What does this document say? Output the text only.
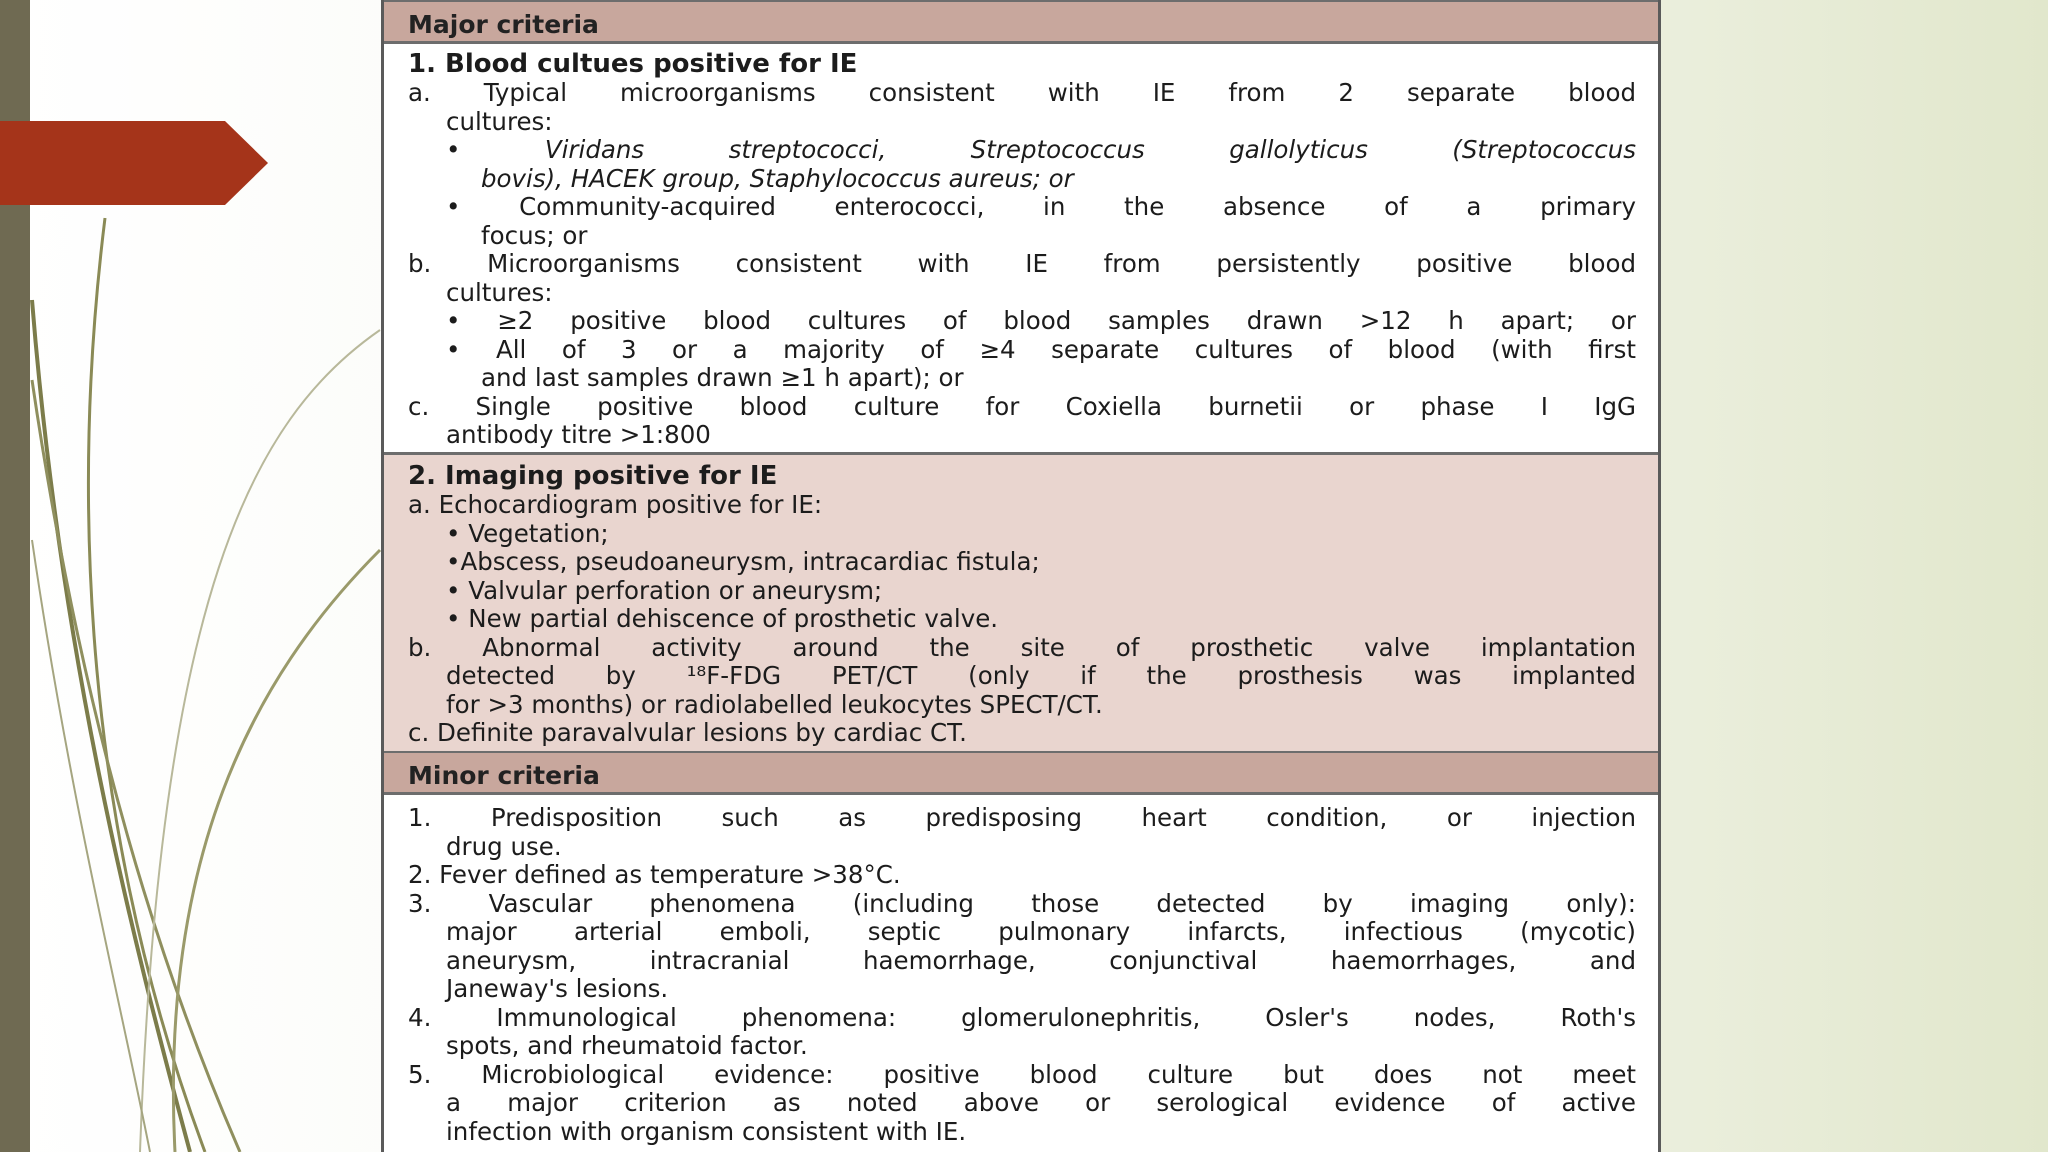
Major criteria
1. Blood cultues positive for IE
a. Typical microorganisms consistent with IE from 2 separate blood
cultures:
• Viridans streptococci, Streptococcus gallolyticus (Streptococcus
bovis), HACEK group, Staphylococcus aureus; or
• Community-acquired enterococci, in the absence of a primary
focus; or
b. Microorganisms consistent with IE from persistently positive blood
cultures:
• ≥2 positive blood cultures of blood samples drawn >12 h apart; or
• All of 3 or a majority of ≥4 separate cultures of blood (with first
and last samples drawn ≥1 h apart); or
c. Single positive blood culture for Coxiella burnetii or phase I IgG
antibody titre >1:800
2. Imaging positive for IE
a. Echocardiogram positive for IE:
• Vegetation;
•Abscess, pseudoaneurysm, intracardiac fistula;
• Valvular perforation or aneurysm;
• New partial dehiscence of prosthetic valve.
b. Abnormal activity around the site of prosthetic valve implantation
detected by ¹⁸F-FDG PET/CT (only if the prosthesis was implanted
for >3 months) or radiolabelled leukocytes SPECT/CT.
c. Definite paravalvular lesions by cardiac CT.
Minor criteria
1. Predisposition such as predisposing heart condition, or injection
drug use.
2. Fever defined as temperature >38°C.
3. Vascular phenomena (including those detected by imaging only):
major arterial emboli, septic pulmonary infarcts, infectious (mycotic)
aneurysm, intracranial haemorrhage, conjunctival haemorrhages, and
Janeway's lesions.
4. Immunological phenomena: glomerulonephritis, Osler's nodes, Roth's
spots, and rheumatoid factor.
5. Microbiological evidence: positive blood culture but does not meet
a major criterion as noted above or serological evidence of active
infection with organism consistent with IE.
